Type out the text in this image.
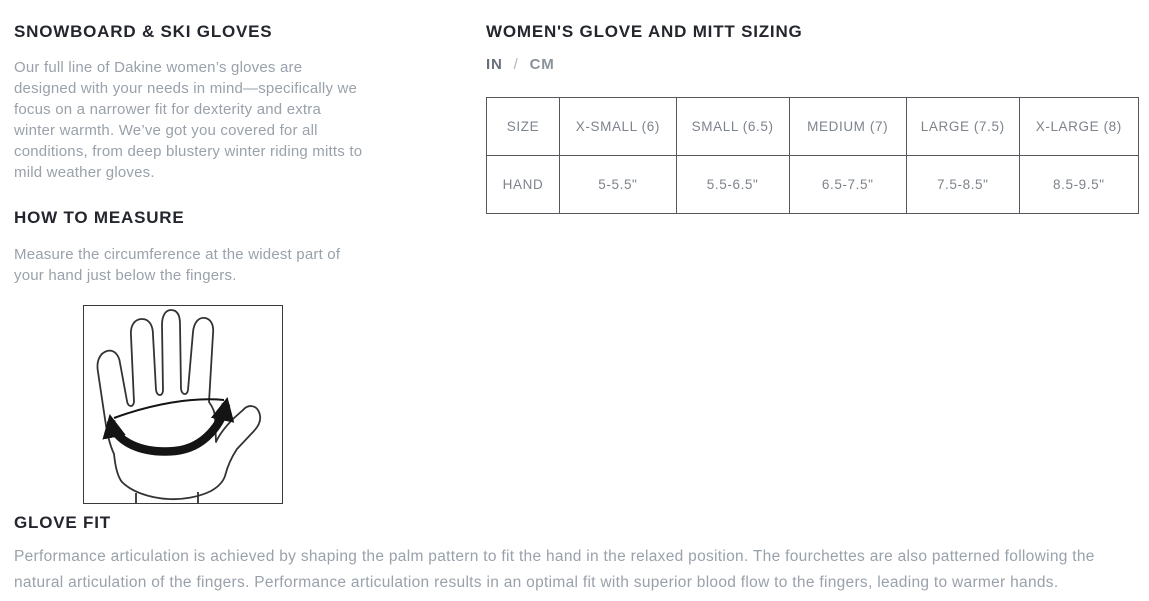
SNOWBOARD & SKI GLOVES

Our full line of Dakine women’s gloves are designed with your needs in mind—specifically we focus on a narrower fit for dexterity and extra winter warmth. We’ve got you covered for all conditions, from deep blustery winter riding mitts to mild weather gloves.

HOW TO MEASURE

Measure the circumference at the widest part of your hand just below the fingers.

WOMEN'S GLOVE AND MITT SIZING
IN / CM
SIZE	X-SMALL (6)	SMALL (6.5)	MEDIUM (7)	LARGE (7.5)	X-LARGE (8)
HAND	5-5.5"	5.5-6.5"	6.5-7.5"	7.5-8.5"	8.5-9.5"
GLOVE FIT

Performance articulation is achieved by shaping the palm pattern to fit the hand in the relaxed position. The fourchettes are also patterned following the natural articulation of the fingers. Performance articulation results in an optimal fit with superior blood flow to the fingers, leading to warmer hands.
